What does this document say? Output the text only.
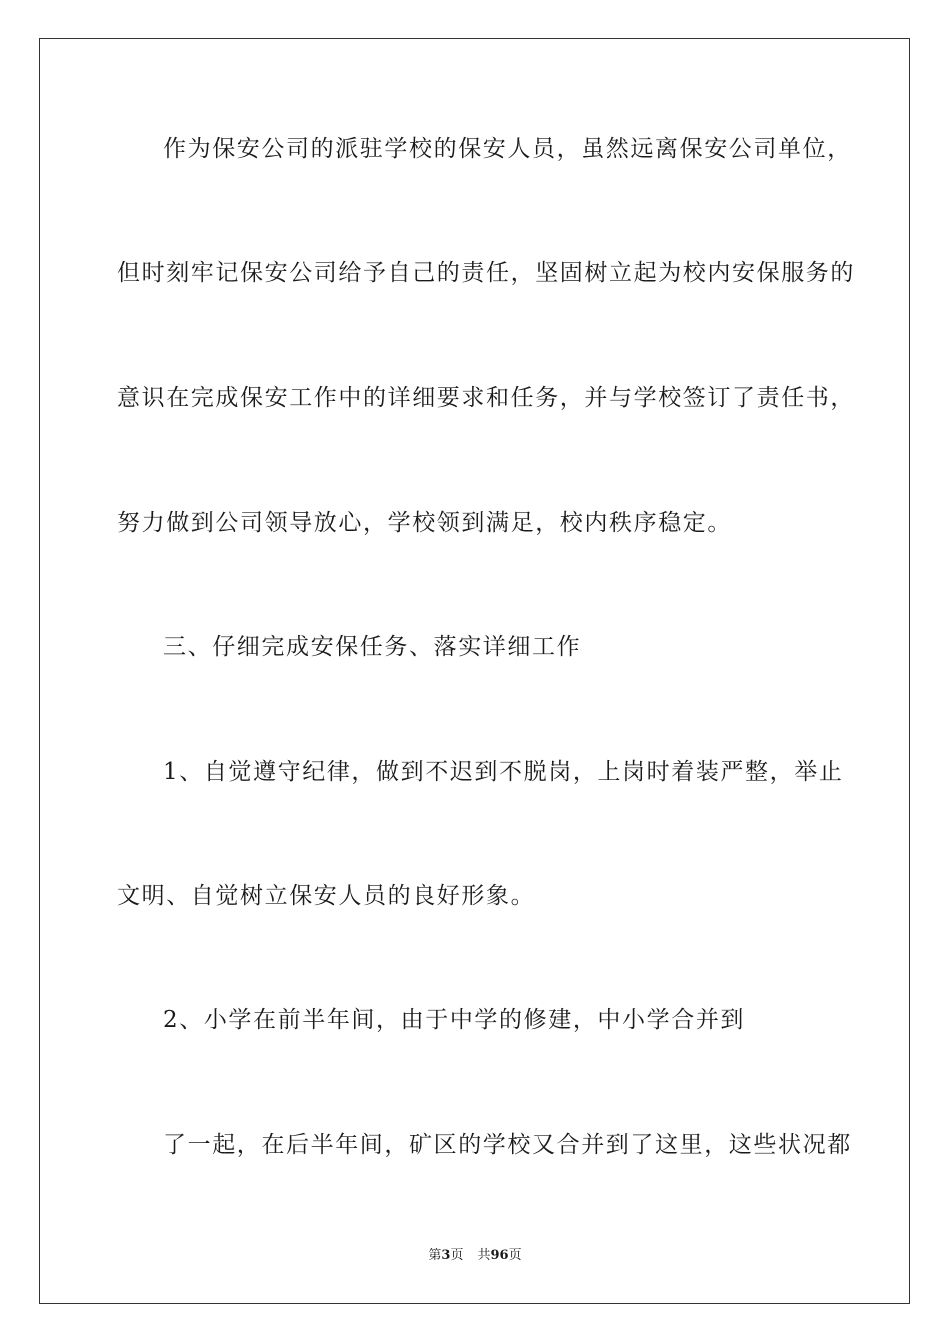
作为保安公司的派驻学校的保安人员，虽然远离保安公司单位，
但时刻牢记保安公司给予自己的责任，坚固树立起为校内安保服务的
意识在完成保安工作中的详细要求和任务，并与学校签订了责任书，
努力做到公司领导放心，学校领到满足，校内秩序稳定。
三、仔细完成安保任务、落实详细工作
1、自觉遵守纪律，做到不迟到不脱岗，上岗时着装严整，举止
文明、自觉树立保安人员的良好形象。
2、小学在前半年间，由于中学的修建，中小学合并到
了一起，在后半年间，矿区的学校又合并到了这里，这些状况都
第3页 共96页
